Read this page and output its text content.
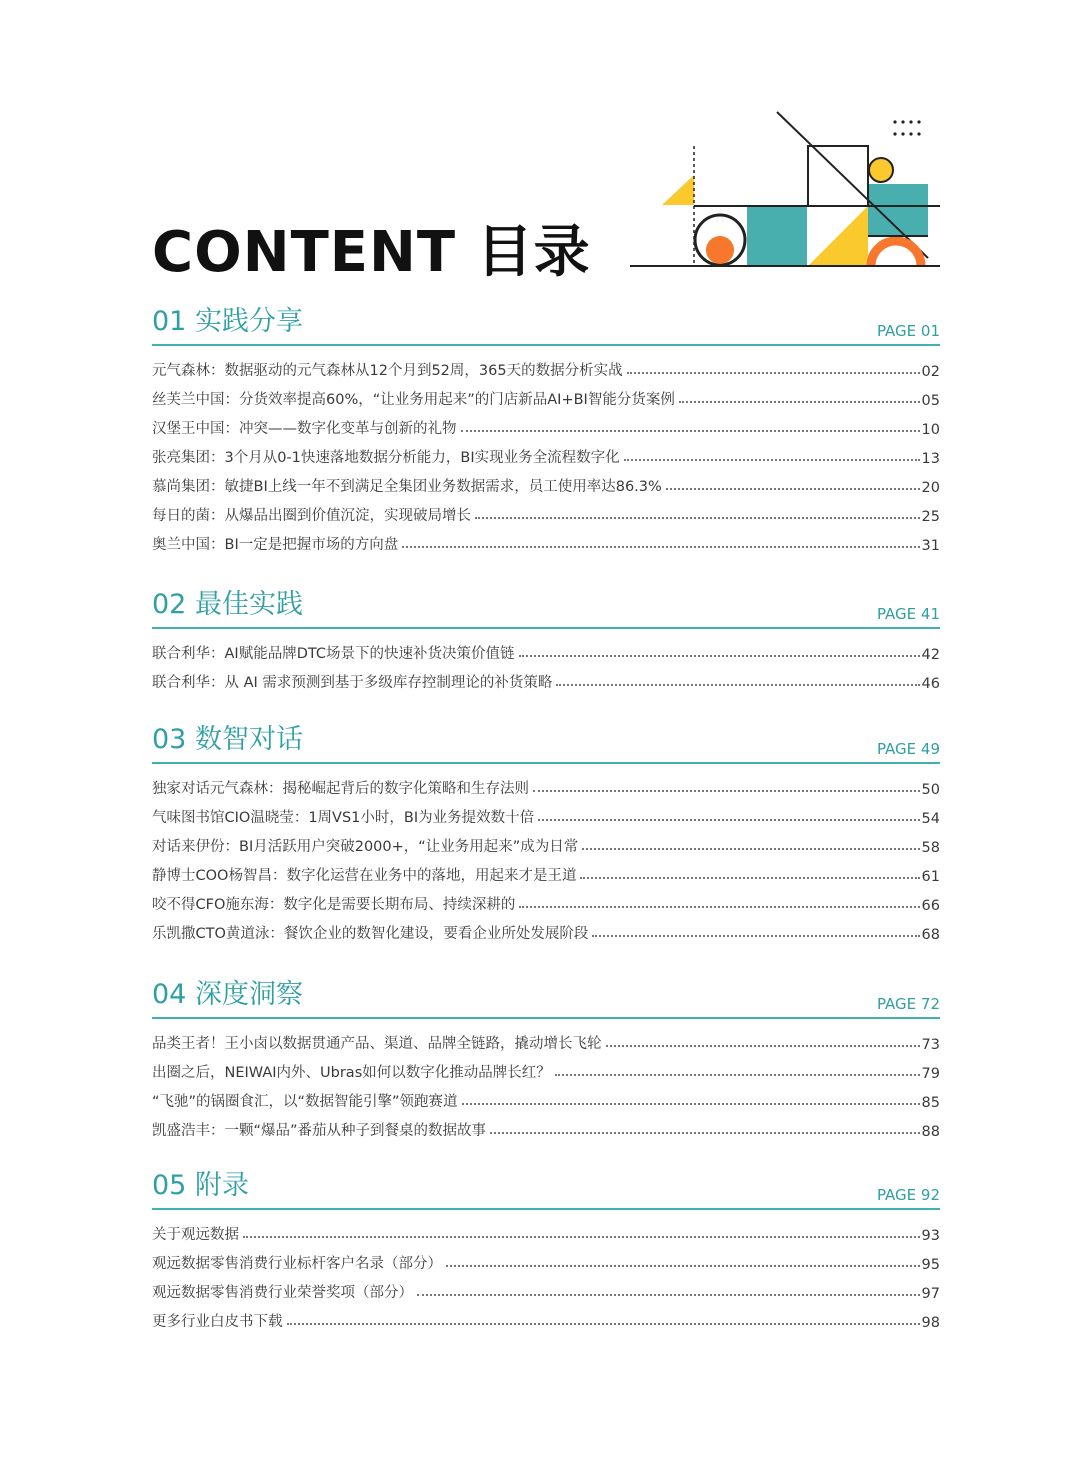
CONTENT 目录
01 实践分享	PAGE 01
元气森林：数据驱动的元气森林从12个月到52周，365天的数据分析实战	02
丝芙兰中国：分货效率提高60%，“让业务用起来”的门店新品AI+BI智能分货案例	05
汉堡王中国：冲突——数字化变革与创新的礼物	10
张亮集团：3个月从0-1快速落地数据分析能力，BI实现业务全流程数字化	13
慕尚集团：敏捷BI上线一年不到满足全集团业务数据需求，员工使用率达86.3%	20
每日的菌：从爆品出圈到价值沉淀，实现破局增长	25
奥兰中国：BI一定是把握市场的方向盘	31
02 最佳实践	PAGE 41
联合利华：AI赋能品牌DTC场景下的快速补货决策价值链	42
联合利华：从 AI 需求预测到基于多级库存控制理论的补货策略	46
03 数智对话	PAGE 49
独家对话元气森林：揭秘崛起背后的数字化策略和生存法则	50
气味图书馆CIO温晓莹：1周VS1小时，BI为业务提效数十倍	54
对话来伊份：BI月活跃用户突破2000+，“让业务用起来”成为日常	58
静博士COO杨智昌：数字化运营在业务中的落地，用起来才是王道	61
咬不得CFO施东海：数字化是需要长期布局、持续深耕的	66
乐凯撒CTO黄道泳：餐饮企业的数智化建设，要看企业所处发展阶段	68
04 深度洞察	PAGE 72
品类王者！王小卤以数据贯通产品、渠道、品牌全链路，撬动增长飞轮	73
出圈之后，NEIWAI内外、Ubras如何以数字化推动品牌长红？	79
“飞驰”的锅圈食汇，以“数据智能引擎”领跑赛道	85
凯盛浩丰：一颗“爆品”番茄从种子到餐桌的数据故事	88
05 附录	PAGE 92
关于观远数据	93
观远数据零售消费行业标杆客户名录（部分）	95
观远数据零售消费行业荣誉奖项（部分）	97
更多行业白皮书下载	98
